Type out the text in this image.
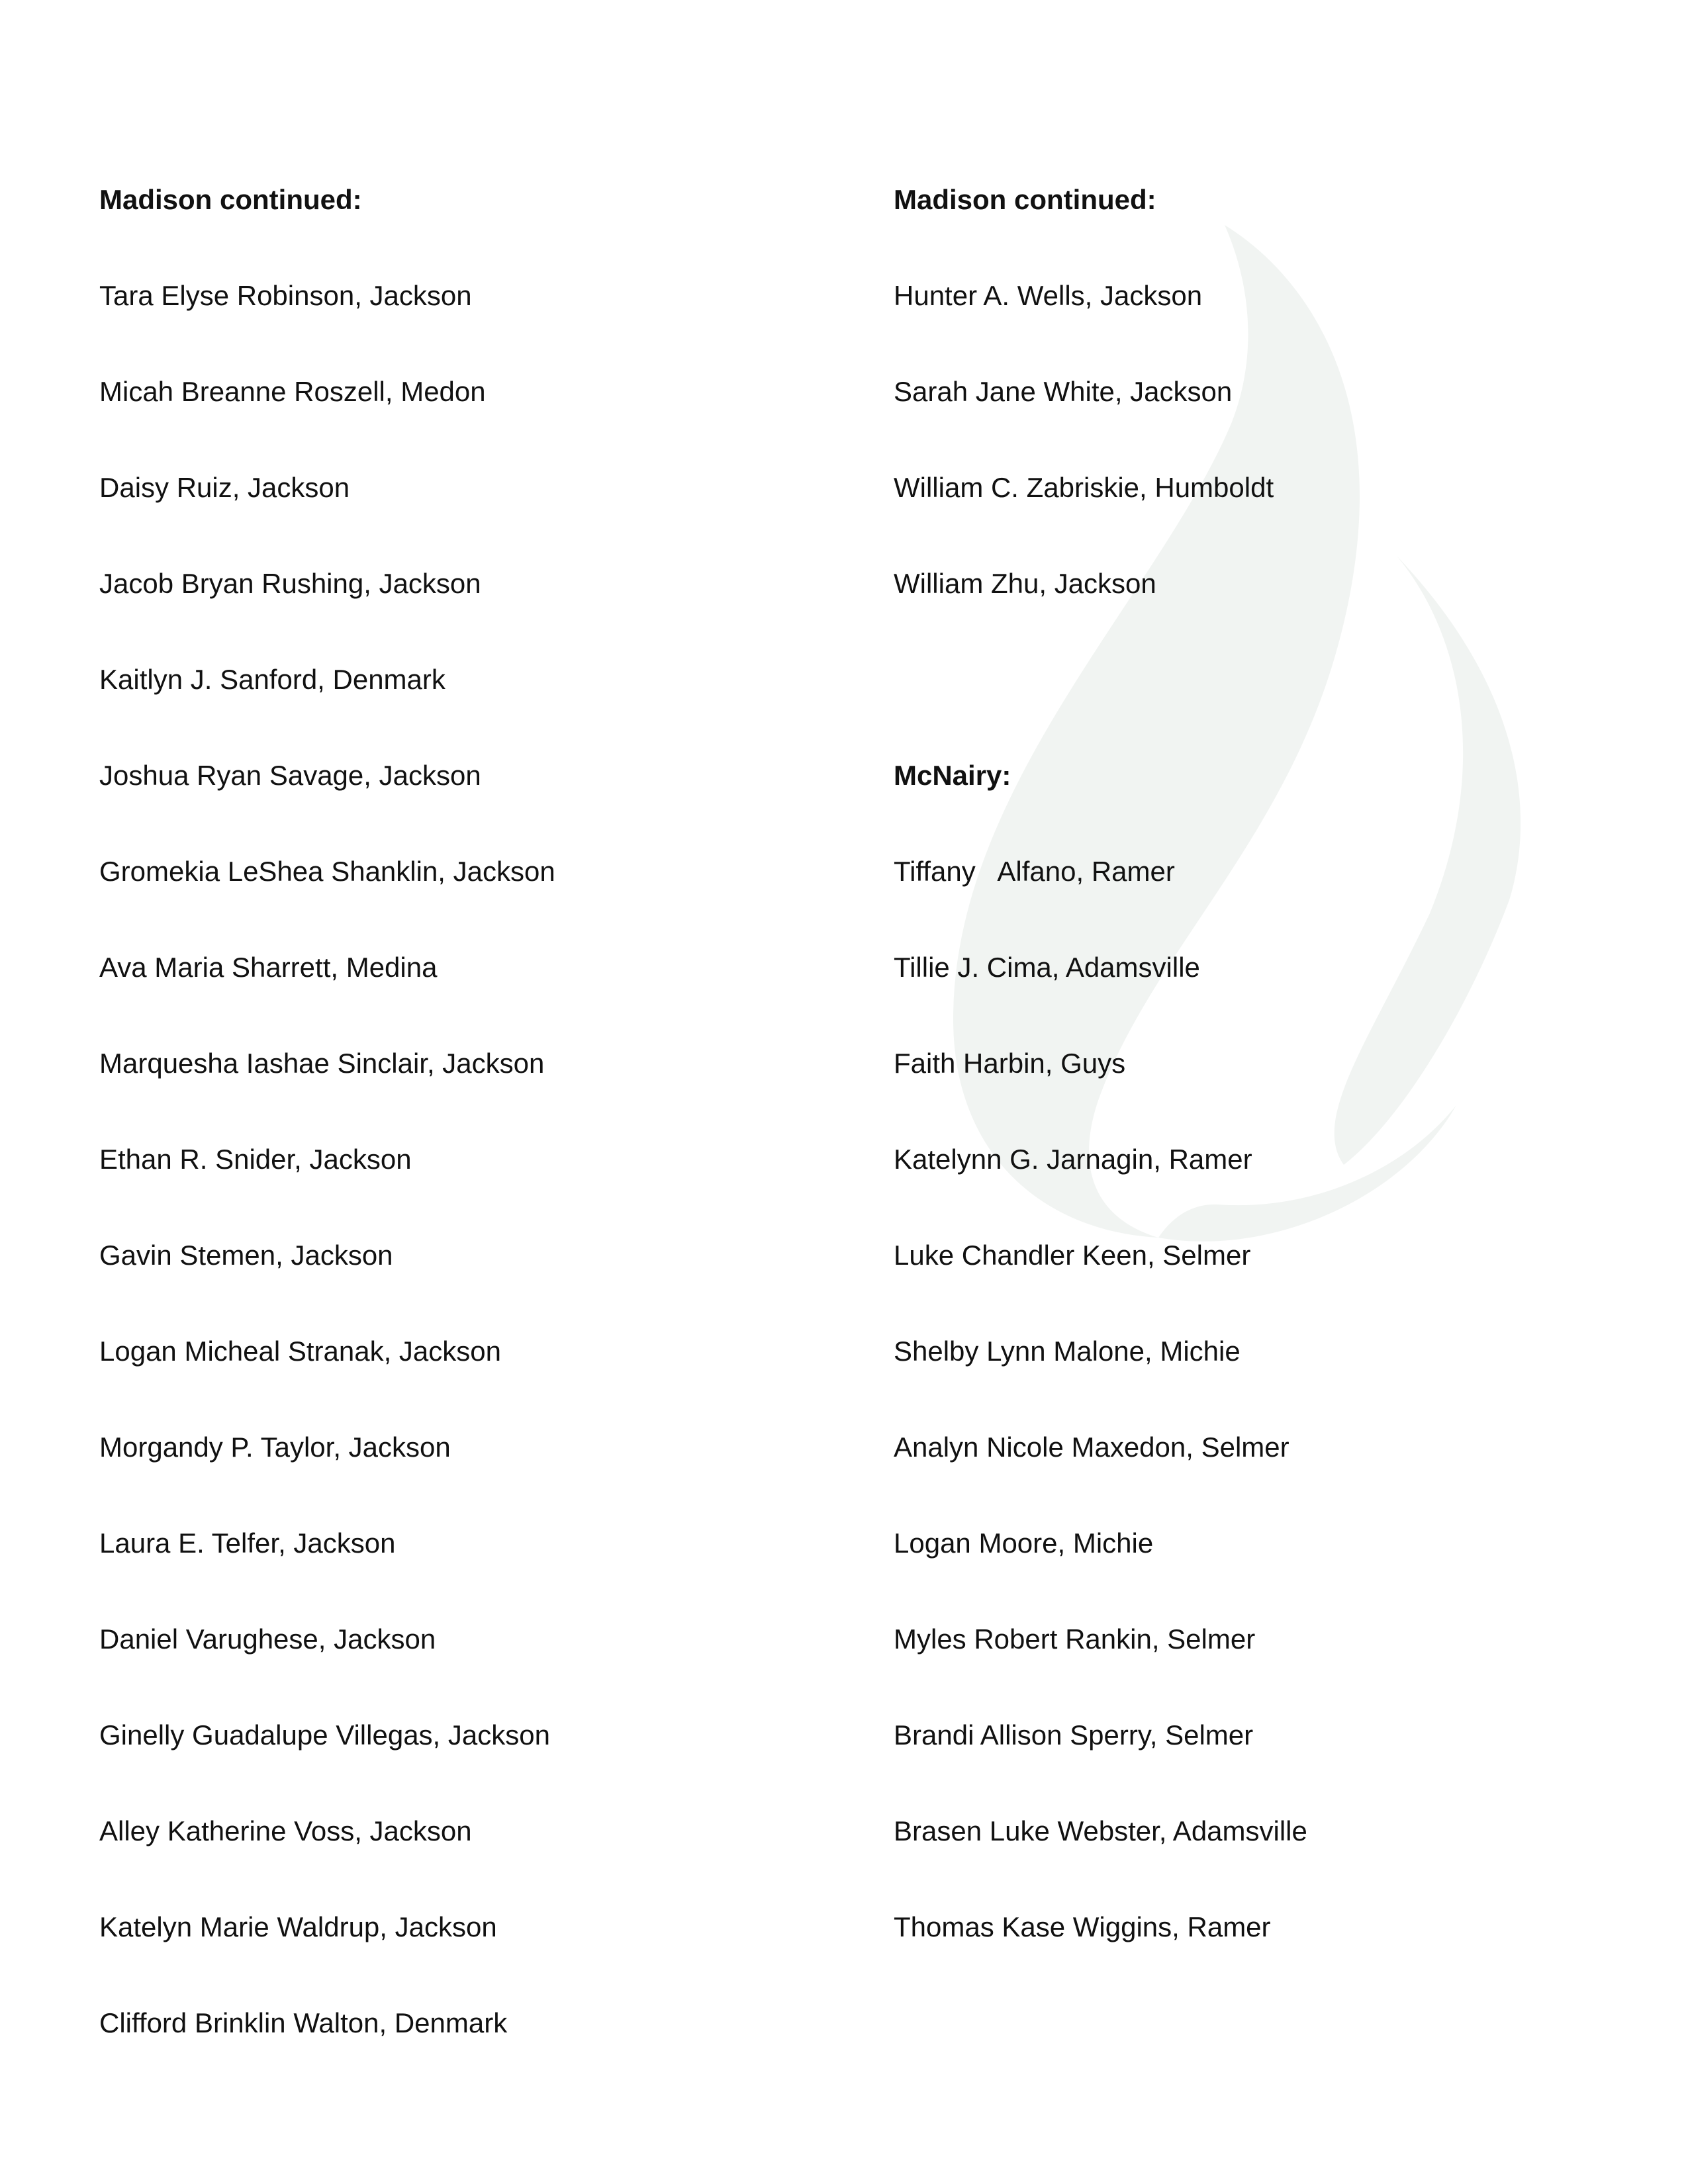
Madison continued:
Tara Elyse Robinson, Jackson
Micah Breanne Roszell, Medon
Daisy Ruiz, Jackson
Jacob Bryan Rushing, Jackson
Kaitlyn J. Sanford, Denmark
Joshua Ryan Savage, Jackson
Gromekia LeShea Shanklin, Jackson
Ava Maria Sharrett, Medina
Marquesha Iashae Sinclair, Jackson
Ethan R. Snider, Jackson
Gavin Stemen, Jackson
Logan Micheal Stranak, Jackson
Morgandy P. Taylor, Jackson
Laura E. Telfer, Jackson
Daniel Varughese, Jackson
Ginelly Guadalupe Villegas, Jackson
Alley Katherine Voss, Jackson
Katelyn Marie Waldrup, Jackson
Clifford Brinklin Walton, Denmark
Madison continued:
Hunter A. Wells, Jackson
Sarah Jane White, Jackson
William C. Zabriskie, Humboldt
William Zhu, Jackson
McNairy:
Tiffany   Alfano, Ramer
Tillie J. Cima, Adamsville
Faith Harbin, Guys
Katelynn G. Jarnagin, Ramer
Luke Chandler Keen, Selmer
Shelby Lynn Malone, Michie
Analyn Nicole Maxedon, Selmer
Logan Moore, Michie
Myles Robert Rankin, Selmer
Brandi Allison Sperry, Selmer
Brasen Luke Webster, Adamsville
Thomas Kase Wiggins, Ramer
